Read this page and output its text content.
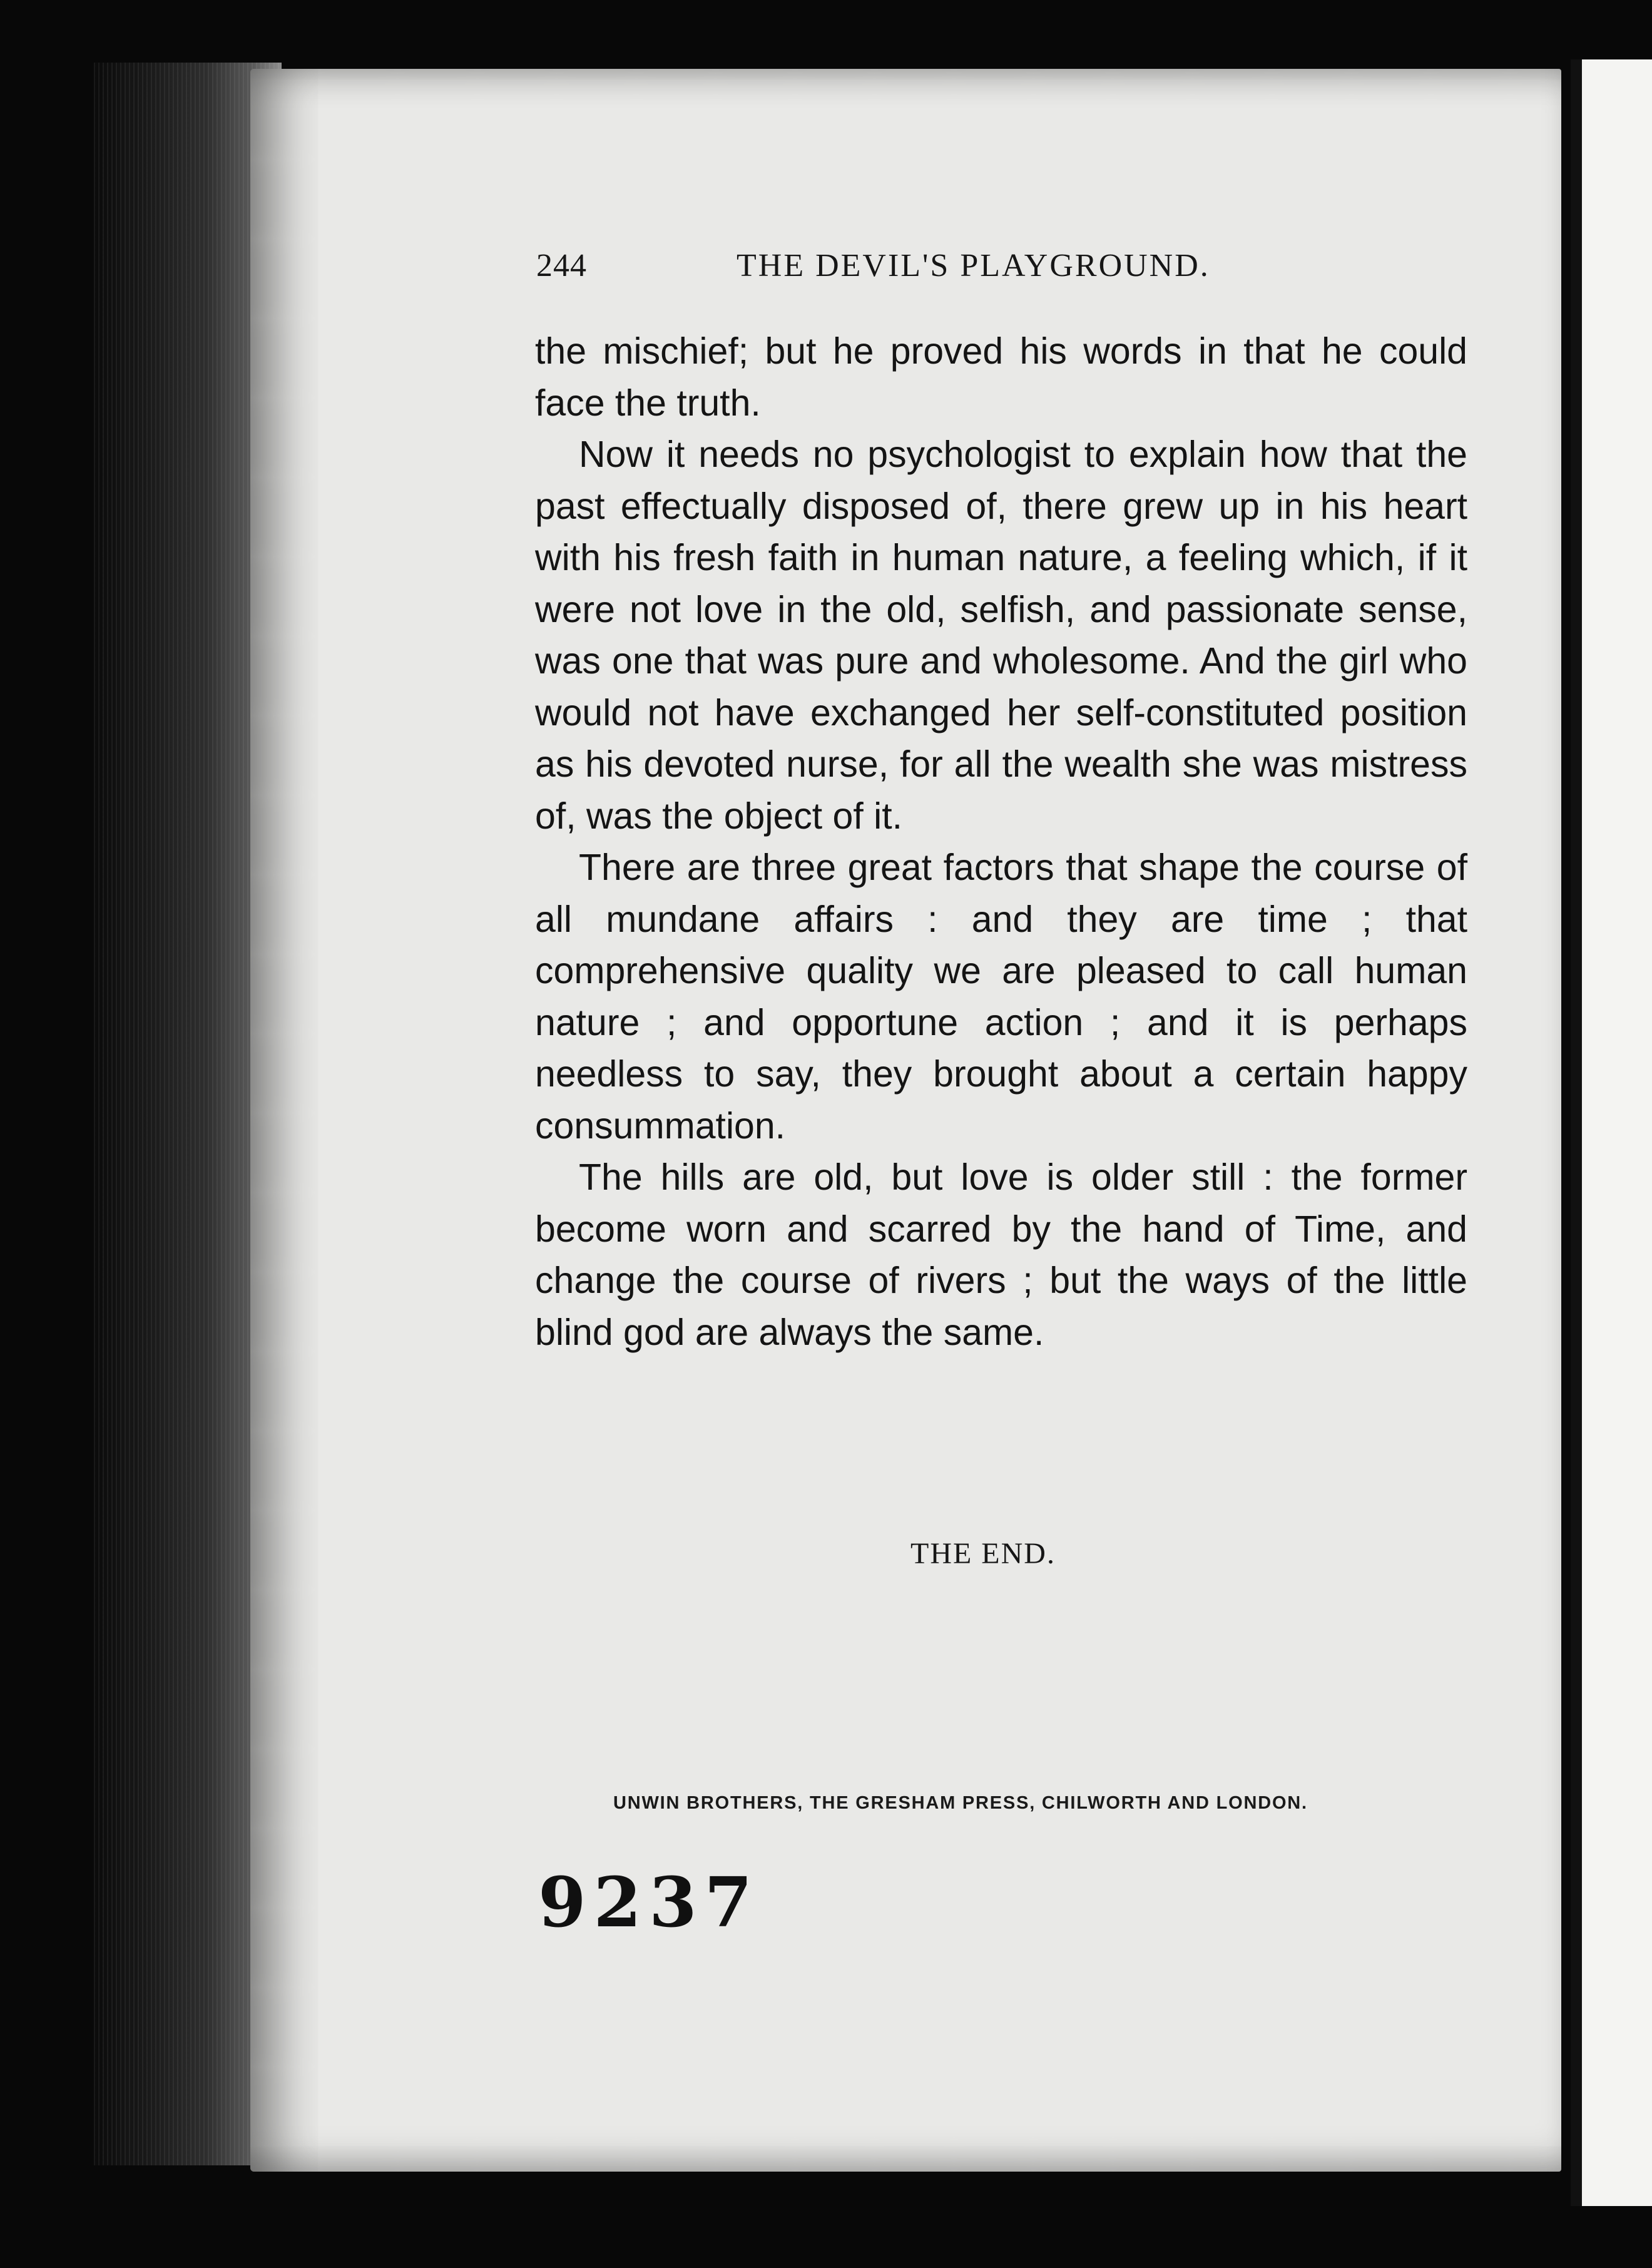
244	THE DEVIL'S PLAYGROUND.

the mischief; but he proved his words in that he could face the truth.

Now it needs no psychologist to explain how that the past effectually disposed of, there grew up in his heart with his fresh faith in human nature, a feeling which, if it were not love in the old, selfish, and passionate sense, was one that was pure and wholesome. And the girl who would not have exchanged her self-constituted position as his devoted nurse, for all the wealth she was mistress of, was the object of it.

There are three great factors that shape the course of all mundane affairs : and they are time ; that comprehensive quality we are pleased to call human nature ; and opportune action ; and it is perhaps needless to say, they brought about a certain happy consummation.

The hills are old, but love is older still : the former become worn and scarred by the hand of Time, and change the course of rivers ; but the ways of the little blind god are always the same.

THE END.
UNWIN BROTHERS, THE GRESHAM PRESS, CHILWORTH AND LONDON.
9237
